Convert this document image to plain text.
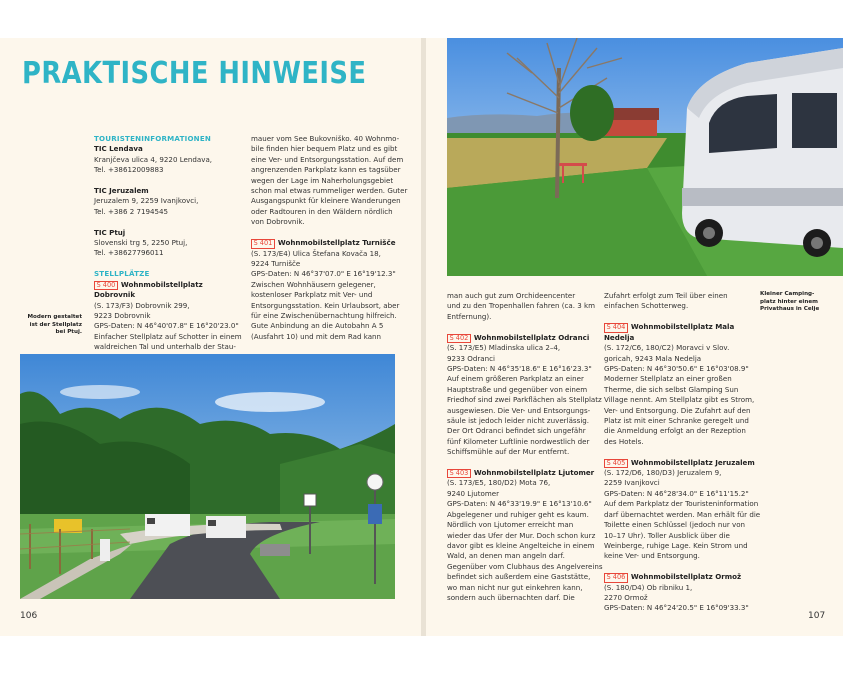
PRAKTISCHE HINWEISE

TOURISTENINFORMATIONEN

TIC Lendava

Kranjčeva ulica 4, 9220 Lendava,

Tel. +38612009883

TIC Jeruzalem

Jeruzalem 9, 2259 Ivanjkovci,

Tel. +386 2 7194545

TIC Ptuj

Slovenski trg 5, 2250 Ptuj,

Tel. +38627796011

STELLPLÄTZE

S 400 Wohnmobilstellplatz Dobrovnik

(S. 173/F3) Dobrovnik 299,

9223 Dobrovnik

GPS-Daten: N 46°40'07.8" E 16°20'23.0"

Einfacher Stellplatz auf Schotter in einem

waldreichen Tal und unterhalb der Stau-

mauer vom See Bukovniško. 40 Wohnmo-

bile finden hier bequem Platz und es gibt

eine Ver- und Entsorgungsstation. Auf dem

angrenzenden Parkplatz kann es tagsüber

wegen der Lage im Naherholungsgebiet

schon mal etwas rummeliger werden. Guter

Ausgangspunkt für kleinere Wanderungen

oder Radtouren in den Wäldern nördlich

von Dobrovnik.

S 401 Wohnmobilstellplatz Turnišče

(S. 173/E4) Ulica Štefana Kovača 18,

9224 Turnišče

GPS-Daten: N 46°37'07.0" E 16°19'12.3"

Zwischen Wohnhäusern gelegener,

kostenloser Parkplatz mit Ver- und

Entsorgungsstation. Kein Urlaubsort, aber

für eine Zwischenübernachtung hilfreich.

Gute Anbindung an die Autobahn A 5

(Ausfahrt 10) und mit dem Rad kann

Modern gestaltet

ist der Stellplatz

bei Ptuj.

106

man auch gut zum Orchideencenter

und zu den Tropenhallen fahren (ca. 3 km

Entfernung).

S 402 Wohnmobilstellplatz Odranci

(S. 173/E5) Mladinska ulica 2–4,

9233 Odranci

GPS-Daten: N 46°35'18.6" E 16°16'23.3"

Auf einem größeren Parkplatz an einer

Hauptstraße und gegenüber von einem

Friedhof sind zwei Parkflächen als Stellplatz

ausgewiesen. Die Ver- und Entsorgungs-

säule ist jedoch leider nicht zuverlässig.

Der Ort Odranci befindet sich ungefähr

fünf Kilometer Luftlinie nordwestlich der

Schiffsmühle auf der Mur entfernt.

S 403 Wohnmobilstellplatz Ljutomer

(S. 173/E5, 180/D2) Mota 76,

9240 Ljutomer

GPS-Daten: N 46°33'19.9" E 16°13'10.6"

Abgelegener und ruhiger geht es kaum.

Nördlich von Ljutomer erreicht man

wieder das Ufer der Mur. Doch schon kurz

davor gibt es kleine Angelteiche in einem

Wald, an denen man angeln darf.

Gegenüber vom Clubhaus des Angelvereins

befindet sich außerdem eine Gaststätte,

wo man nicht nur gut einkehren kann,

sondern auch übernachten darf. Die

Zufahrt erfolgt zum Teil über einen

einfachen Schotterweg.

S 404 Wohnmobilstellplatz Mala Nedelja

(S. 172/C6, 180/C2) Moravci v Slov.

goricah, 9243 Mala Nedelja

GPS-Daten: N 46°30'50.6" E 16°03'08.9"

Moderner Stellplatz an einer großen

Therme, die sich selbst Glamping Sun

Village nennt. Am Stellplatz gibt es Strom,

Ver- und Entsorgung. Die Zufahrt auf den

Platz ist mit einer Schranke geregelt und

die Anmeldung erfolgt an der Rezeption

des Hotels.

S 405 Wohnmobilstellplatz Jeruzalem

(S. 172/D6, 180/D3) Jeruzalem 9,

2259 Ivanjkovci

GPS-Daten: N 46°28'34.0" E 16°11'15.2"

Auf dem Parkplatz der Touristeninformation

darf übernachtet werden. Man erhält für die

Toilette einen Schlüssel (jedoch nur von

10–17 Uhr). Toller Ausblick über die

Weinberge, ruhige Lage. Kein Strom und

keine Ver- und Entsorgung.

S 406 Wohnmobilstellplatz Ormož

(S. 180/D4) Ob ribniku 1,

2270 Ormož

GPS-Daten: N 46°24'20.5" E 16°09'33.3"

Kleiner Camping-

platz hinter einem

Privathaus in Celje

107
